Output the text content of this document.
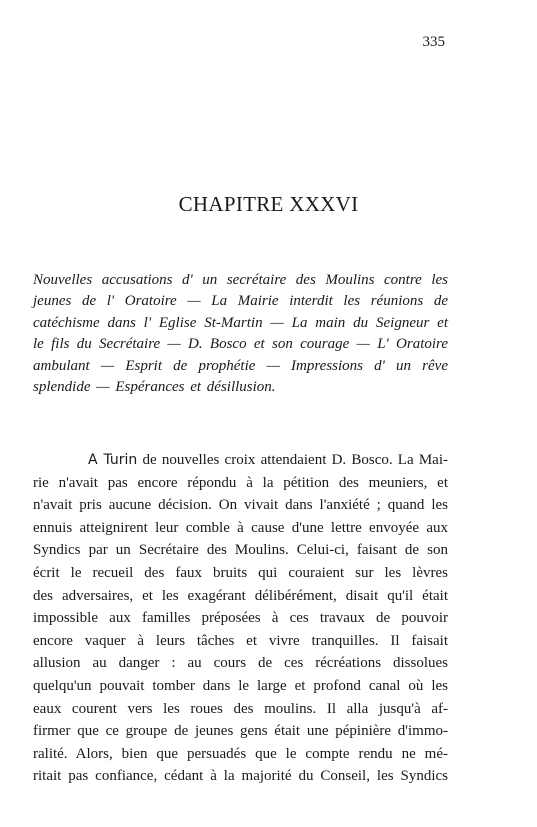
335
CHAPITRE XXXVI
Nouvelles accusations d' un secrétaire des Moulins contre les
jeunes de l' Oratoire — La Mairie interdit les réunions de
catéchisme dans l' Eglise St-Martin — La main du Seigneur et
le fils du Secrétaire — D. Bosco et son courage — L' Oratoire
ambulant — Esprit de prophétie — Impressions d' un rêve
splendide — Espérances et désillusion.
A Turin de nouvelles croix attendaient D. Bosco. La Mai-
rie n'avait pas encore répondu à la pétition des meuniers, et
n'avait pris aucune décision. On vivait dans l'anxiété ; quand les
ennuis atteignirent leur comble à cause d'une lettre envoyée aux
Syndics par un Secrétaire des Moulins. Celui-ci, faisant de son
écrit le recueil des faux bruits qui couraient sur les lèvres
des adversaires, et les exagérant délibérément, disait qu'il était
impossible aux familles préposées à ces travaux de pouvoir
encore vaquer à leurs tâches et vivre tranquilles. Il faisait
allusion au danger : au cours de ces récréations dissolues
quelqu'un pouvait tomber dans le large et profond canal où les
eaux courent vers les roues des moulins. Il alla jusqu'à af-
firmer que ce groupe de jeunes gens était une pépinière d'immo-
ralité. Alors, bien que persuadés que le compte rendu ne mé-
ritait pas confiance, cédant à la majorité du Conseil, les Syndics
